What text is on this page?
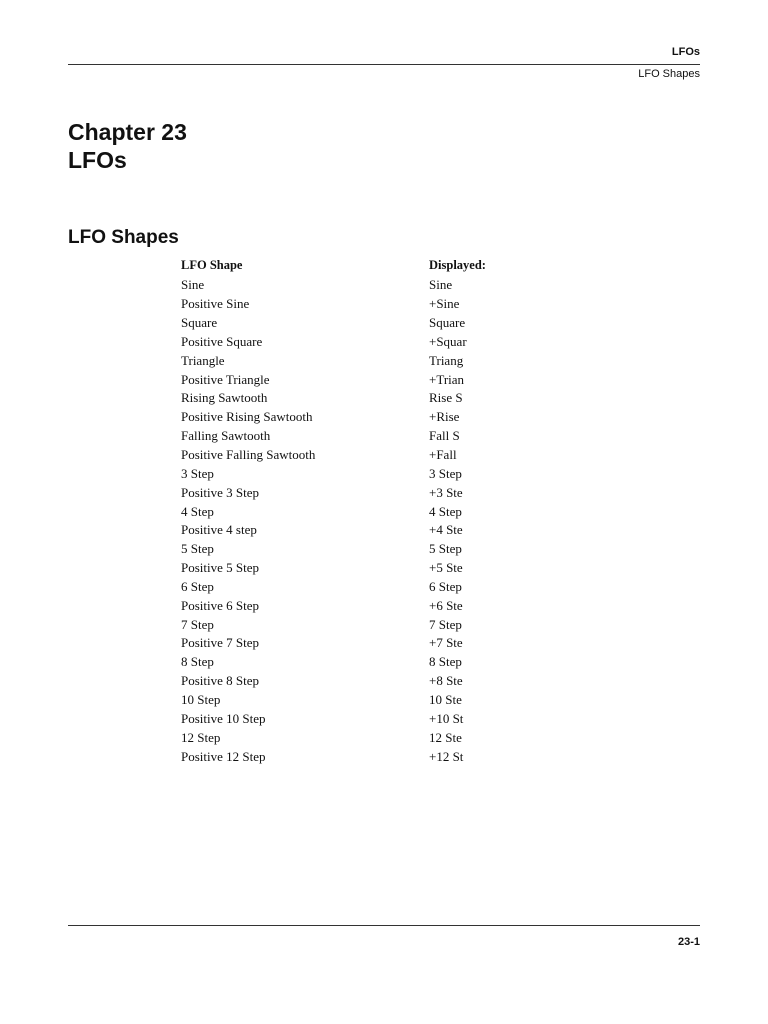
LFOs
LFO Shapes
Chapter 23
LFOs
LFO Shapes
LFO Shape	Displayed:
Sine	Sine
Positive Sine	+Sine
Square	Square
Positive Square	+Squar
Triangle	Triang
Positive Triangle	+Trian
Rising Sawtooth	Rise S
Positive Rising Sawtooth	+Rise
Falling Sawtooth	Fall S
Positive Falling Sawtooth	+Fall
3 Step	3 Step
Positive 3 Step	+3 Ste
4 Step	4 Step
Positive 4 step	+4 Ste
5 Step	5 Step
Positive 5 Step	+5 Ste
6 Step	6 Step
Positive 6 Step	+6 Ste
7 Step	7 Step
Positive 7 Step	+7 Ste
8 Step	8 Step
Positive 8 Step	+8 Ste
10 Step	10 Ste
Positive 10 Step	+10 St
12 Step	12 Ste
Positive 12 Step	+12 St
23-1
